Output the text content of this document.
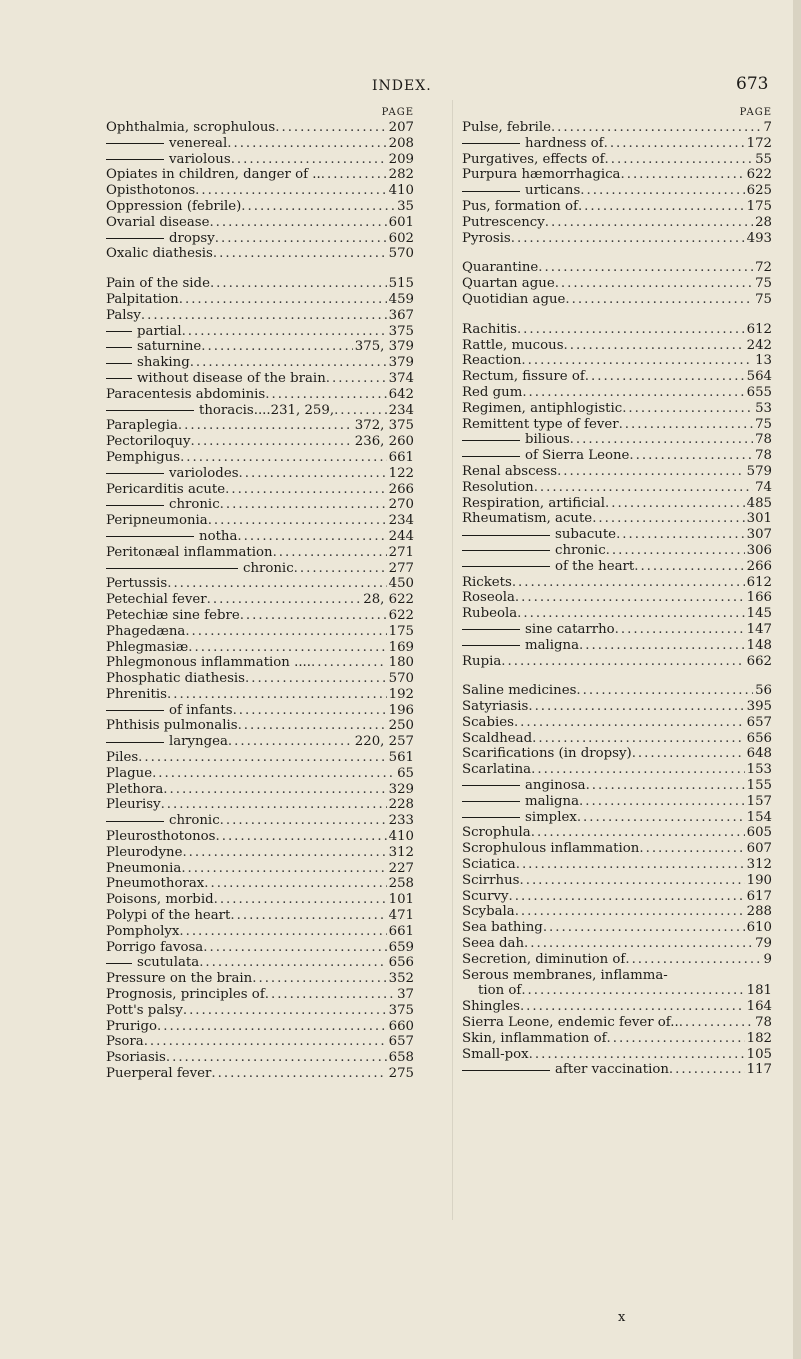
INDEX.	673
PAGE
Ophthalmia, scrophulous .....	207
venereal .....	208
variolous .....	209
Opiates in children, danger of .. .....	282
Opisthotonos .....	410
Oppression (febrile) .....	35
Ovarial disease .....	601
dropsy .....	602
Oxalic diathesis .....	570
Pain of the side .....	515
Palpitation .....	459
Palsy .....	367
partial .....	375
saturnine .....	375, 379
shaking .....	379
without disease of the brain .....	374
Paracentesis abdominis .....	642
thoracis....231, 259, .....	234
Paraplegia .....	372, 375
Pectoriloquy .....	236, 260
Pemphigus .....	661
variolodes .....	122
Pericarditis acute .....	266
chronic .....	270
Peripneumonia .....	234
notha .....	244
Peritonæal inflammation .....	271
chronic .....	277
Pertussis .....	450
Petechial fever .....	28, 622
Petechiæ sine febre .....	622
Phagedæna .....	175
Phlegmasiæ .....	169
Phlegmonous inflammation .... .....	180
Phosphatic diathesis .....	570
Phrenitis .....	192
of infants .....	196
Phthisis pulmonalis .....	250
laryngea .....	220, 257
Piles .....	561
Plague .....	65
Plethora .....	329
Pleurisy .....	228
chronic .....	233
Pleurosthotonos .....	410
Pleurodyne .....	312
Pneumonia .....	227
Pneumothorax .....	258
Poisons, morbid .....	101
Polypi of the heart .....	471
Pompholyx .....	661
Porrigo favosa .....	659
scutulata .....	656
Pressure on the brain .....	352
Prognosis, principles of .....	37
Pott's palsy .....	375
Prurigo .....	660
Psora .....	657
Psoriasis .....	658
Puerperal fever .....	275
PAGE
Pulse, febrile .....	7
hardness of .....	172
Purgatives, effects of .....	55
Purpura hæmorrhagica .....	622
urticans .....	625
Pus, formation of .....	175
Putrescency .....	28
Pyrosis .....	493
Quarantine .....	72
Quartan ague .....	75
Quotidian ague .....	75
Rachitis .....	612
Rattle, mucous .....	242
Reaction .....	13
Rectum, fissure of .....	564
Red gum .....	655
Regimen, antiphlogistic .....	53
Remittent type of fever .....	75
bilious .....	78
of Sierra Leone .....	78
Renal abscess .....	579
Resolution .....	74
Respiration, artificial .....	485
Rheumatism, acute .....	301
subacute .....	307
chronic .....	306
of the heart .....	266
Rickets .....	612
Roseola .....	166
Rubeola .....	145
sine catarrho .....	147
maligna .....	148
Rupia .....	662
Saline medicines .....	56
Satyriasis .....	395
Scabies .....	657
Scaldhead .....	656
Scarifications (in dropsy) .....	648
Scarlatina .....	153
anginosa .....	155
maligna .....	157
simplex .....	154
Scrophula .....	605
Scrophulous inflammation .....	607
Sciatica .....	312
Scirrhus .....	190
Scurvy .....	617
Scybala .....	288
Sea bathing .....	610
Seea dah .....	79
Secretion, diminution of .....	9
Serous membranes, inflamma-
tion of .....	181
Shingles .....	164
Sierra Leone, endemic fever of.. .....	78
Skin, inflammation of .....	182
Small-pox .....	105
after vaccination .....	117
x
